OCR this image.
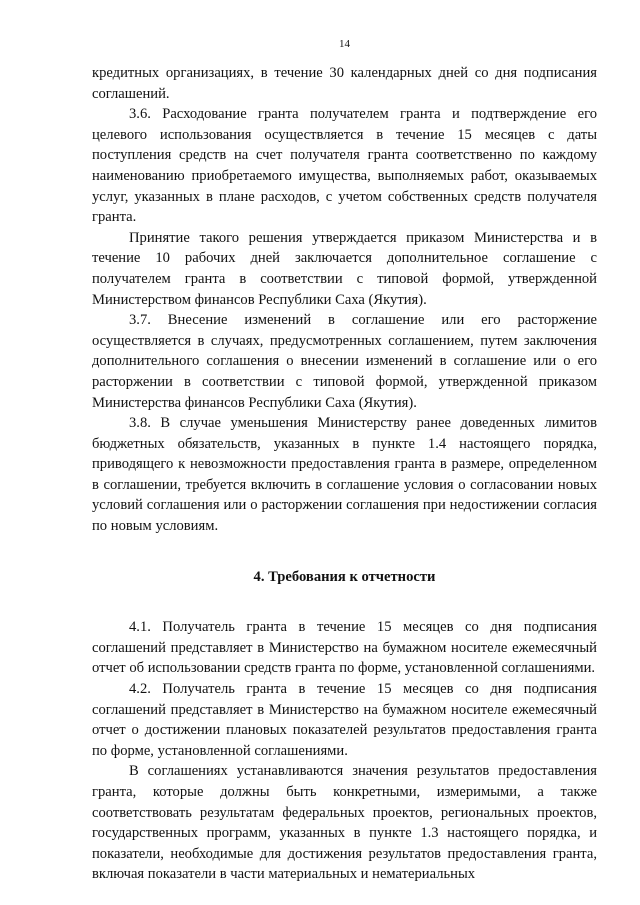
14

кредитных организациях, в течение 30 календарных дней со дня подписания соглашений.

3.6. Расходование гранта получателем гранта и подтверждение его целевого использования осуществляется в течение 15 месяцев с даты поступления средств на счет получателя гранта соответственно по каждому наименованию приобретаемого имущества, выполняемых работ, оказываемых услуг, указанных в плане расходов, с учетом собственных средств получателя гранта.

Принятие такого решения утверждается приказом Министерства и в течение 10 рабочих дней заключается дополнительное соглашение с получателем гранта в соответствии с типовой формой, утвержденной Министерством финансов Республики Саха (Якутия).

3.7. Внесение изменений в соглашение или его расторжение осуществляется в случаях, предусмотренных соглашением, путем заключения дополнительного соглашения о внесении изменений в соглашение или о его расторжении в соответствии с типовой формой, утвержденной приказом Министерства финансов Республики Саха (Якутия).

3.8. В случае уменьшения Министерству ранее доведенных лимитов бюджетных обязательств, указанных в пункте 1.4 настоящего порядка, приводящего к невозможности предоставления гранта в размере, определенном в соглашении, требуется включить в соглашение условия о согласовании новых условий соглашения или о расторжении соглашения при недостижении согласия по новым условиям.

4. Требования к отчетности

4.1. Получатель гранта в течение 15 месяцев со дня подписания соглашений представляет в Министерство на бумажном носителе ежемесячный отчет об использовании средств гранта по форме, установленной соглашениями.

4.2. Получатель гранта в течение 15 месяцев со дня подписания соглашений представляет в Министерство на бумажном носителе ежемесячный отчет о достижении плановых показателей результатов предоставления гранта по форме, установленной соглашениями.

В соглашениях устанавливаются значения результатов предоставления гранта, которые должны быть конкретными, измеримыми, а также соответствовать результатам федеральных проектов, региональных проектов, государственных программ, указанных в пункте 1.3 настоящего порядка, и показатели, необходимые для достижения результатов предоставления гранта, включая показатели в части материальных и нематериальных
